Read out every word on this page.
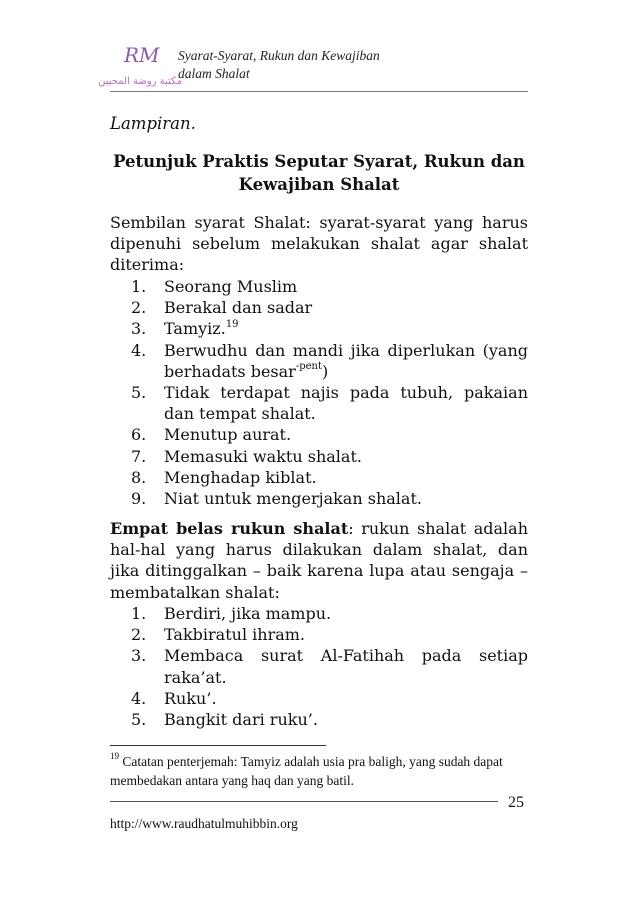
RM
مكتبة روضة المحبين
Syarat-Syarat, Rukun dan Kewajiban
dalam Shalat
Lampiran.
Petunjuk Praktis Seputar Syarat, Rukun dan
Kewajiban Shalat
Sembilan syarat Shalat: syarat-syarat yang harus
dipenuhi sebelum melakukan shalat agar shalat
diterima:
1. Seorang Muslim
2. Berakal dan sadar
3. Tamyiz.$^{19}$
4. Berwudhu dan mandi jika diperlukan (yang berhadats besar$^{-pent}$)
5. Tidak terdapat najis pada tubuh, pakaian dan tempat shalat.
6. Menutup aurat.
7. Memasuki waktu shalat.
8. Menghadap kiblat.
9. Niat untuk mengerjakan shalat.
Empat belas rukun shalat: rukun shalat adalah hal-hal yang harus dilakukan dalam shalat, dan jika ditinggalkan – baik karena lupa atau sengaja – membatalkan shalat:
1. Berdiri, jika mampu.
2. Takbiratul ihram.
3. Membaca surat Al-Fatihah pada setiap raka’at.
4. Ruku’.
5. Bangkit dari ruku’.
$^{19}$ Catatan penterjemah: Tamyiz adalah usia pra baligh, yang sudah dapat membedakan antara yang haq dan yang batil.
25
http://www.raudhatulmuhibbin.org
